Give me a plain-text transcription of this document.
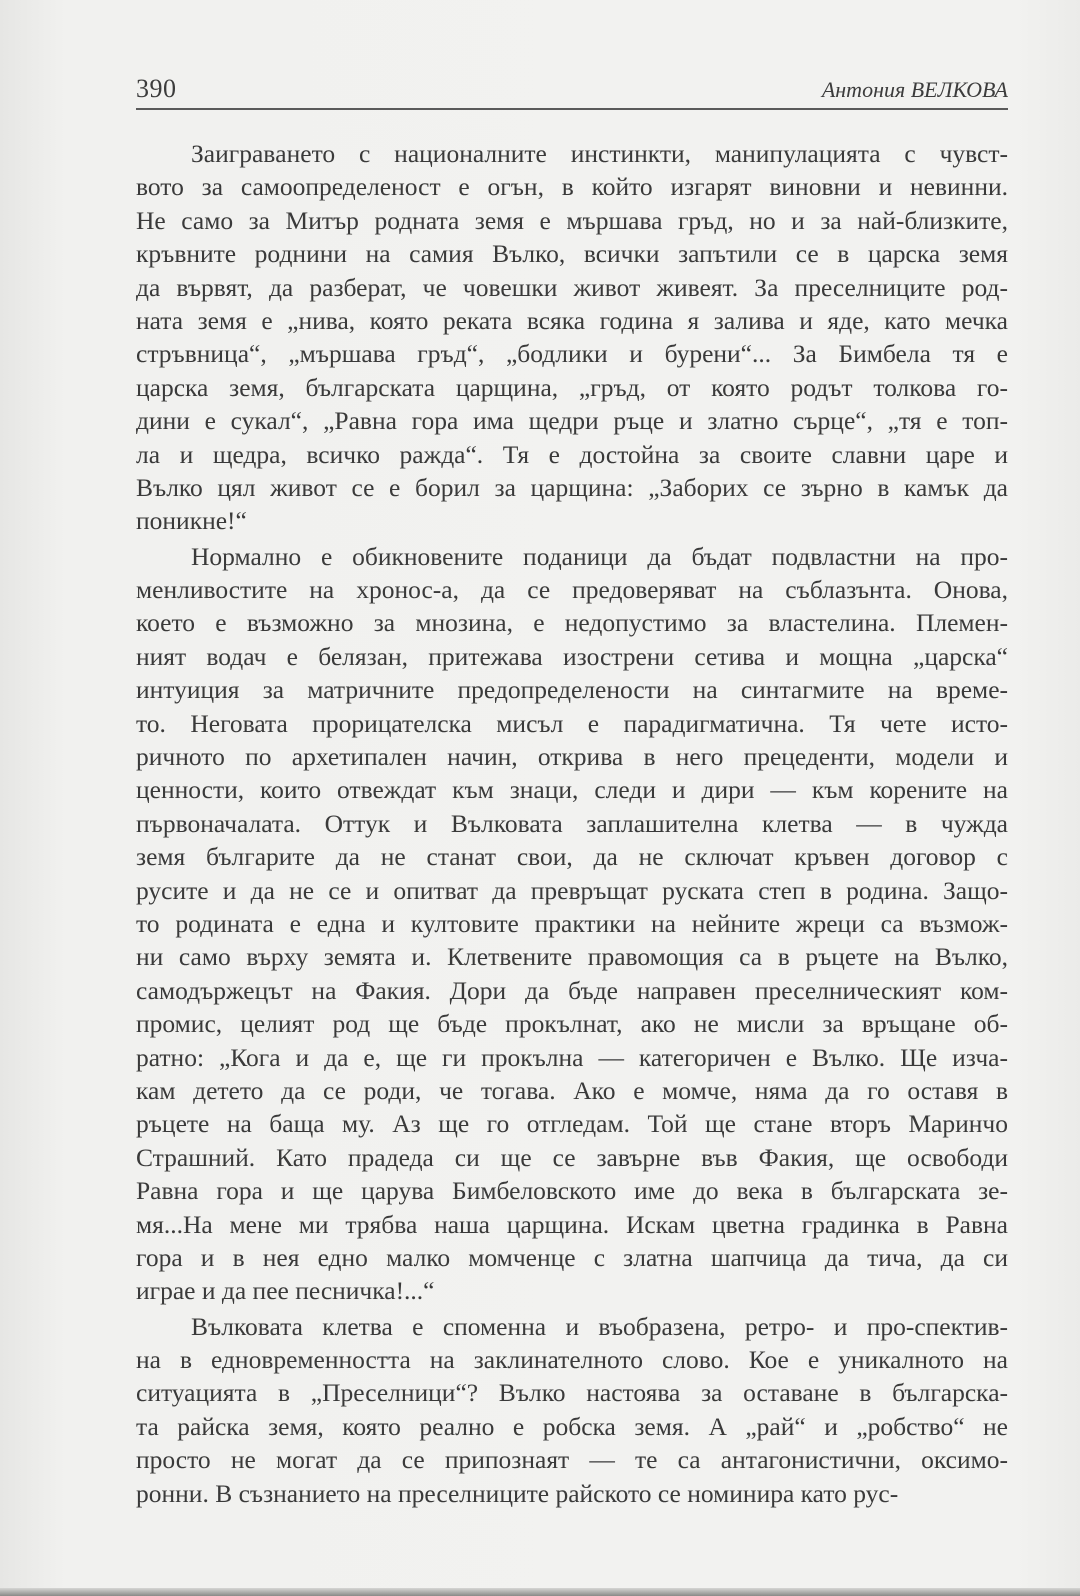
390	Антония ВЕЛКОВА
Заигравaнето с националните инстинкти, манипулацията с чувст-
вото за самоопределеност е огън, в който изгарят виновни и невинни.
Не само за Митър родната земя е мършава гръд, но и за най-близките,
кръвните роднини на самия Вълко, всички запътили се в царска земя
да вървят, да разберат, че човешки живот живеят. За преселниците род-
ната земя е „нива, която реката всяка година я залива и яде, като мечка
стръвница“, „мършава гръд“, „бодлики и бурени“... За Бимбела тя е
царска земя, българската царщина, „гръд, от която родът толкова го-
дини е сукал“, „Равна гора има щедри ръце и златно сърце“, „тя е топ-
ла и щедра, всичко ражда“. Тя е достойна за своите славни царе и
Вълко цял живот се е борил за царщина: „Заборих се зърно в камък да
поникне!“
Нормално е обикновените поданици да бъдат подвластни на про-
менливостите на хронос-а, да се предоверяват на съблазънта. Онова,
което е възможно за мнозина, е недопустимо за властелина. Племен-
ният водач е белязан, притежава изострени сетива и мощна „царска“
интуиция за матричните предопределености на синтагмите на време-
то. Неговата прорицателска мисъл е парадигматична. Тя чете исто-
ричното по архетипален начин, открива в него прецеденти, модели и
ценности, които отвеждат към знаци, следи и дири — към корените на
първоначалата. Оттук и Вълковата заплашителна клетва — в чужда
земя българите да не станат свои, да не сключат кръвен договор с
русите и да не се и опитват да превръщат руската степ в родина. Защо-
то родината е една и култовите практики на нейните жреци са възмож-
ни само върху земята и. Клетвените правомощия са в ръцете на Вълко,
самодържецът на Факия. Дори да бъде направен преселническият ком-
промис, целият род ще бъде прокълнат, ако не мисли за връщане об-
ратно: „Кога и да е, ще ги прокълна — категоричен е Вълко. Ще изча-
кам детето да се роди, че тогава. Ако е момче, няма да го оставя в
ръцете на баща му. Аз ще го отгледам. Той ще стане вторъ Маринчо
Страшний. Като прадеда си ще се завърне във Факия, ще освободи
Равна гора и ще царува Бимбеловското име до века в българската зе-
мя...На мене ми трябва наша царщина. Искам цветна градинка в Равна
гора и в нея едно малко момченце с златна шапчица да тича, да си
играе и да пее песничка!...“
Вълковата клетва е споменна и въобразена, ретро- и про-спектив-
на в едновременността на заклинателното слово. Кое е уникалното на
ситуацията в „Преселници“? Вълко настоява за оставане в българска-
та райска земя, която реално е робска земя. А „рай“ и „робство“ не
просто не могат да се припознаят — те са антагонистични, оксимо-
ронни. В съзнанието на преселниците райското се номинира като рус-
